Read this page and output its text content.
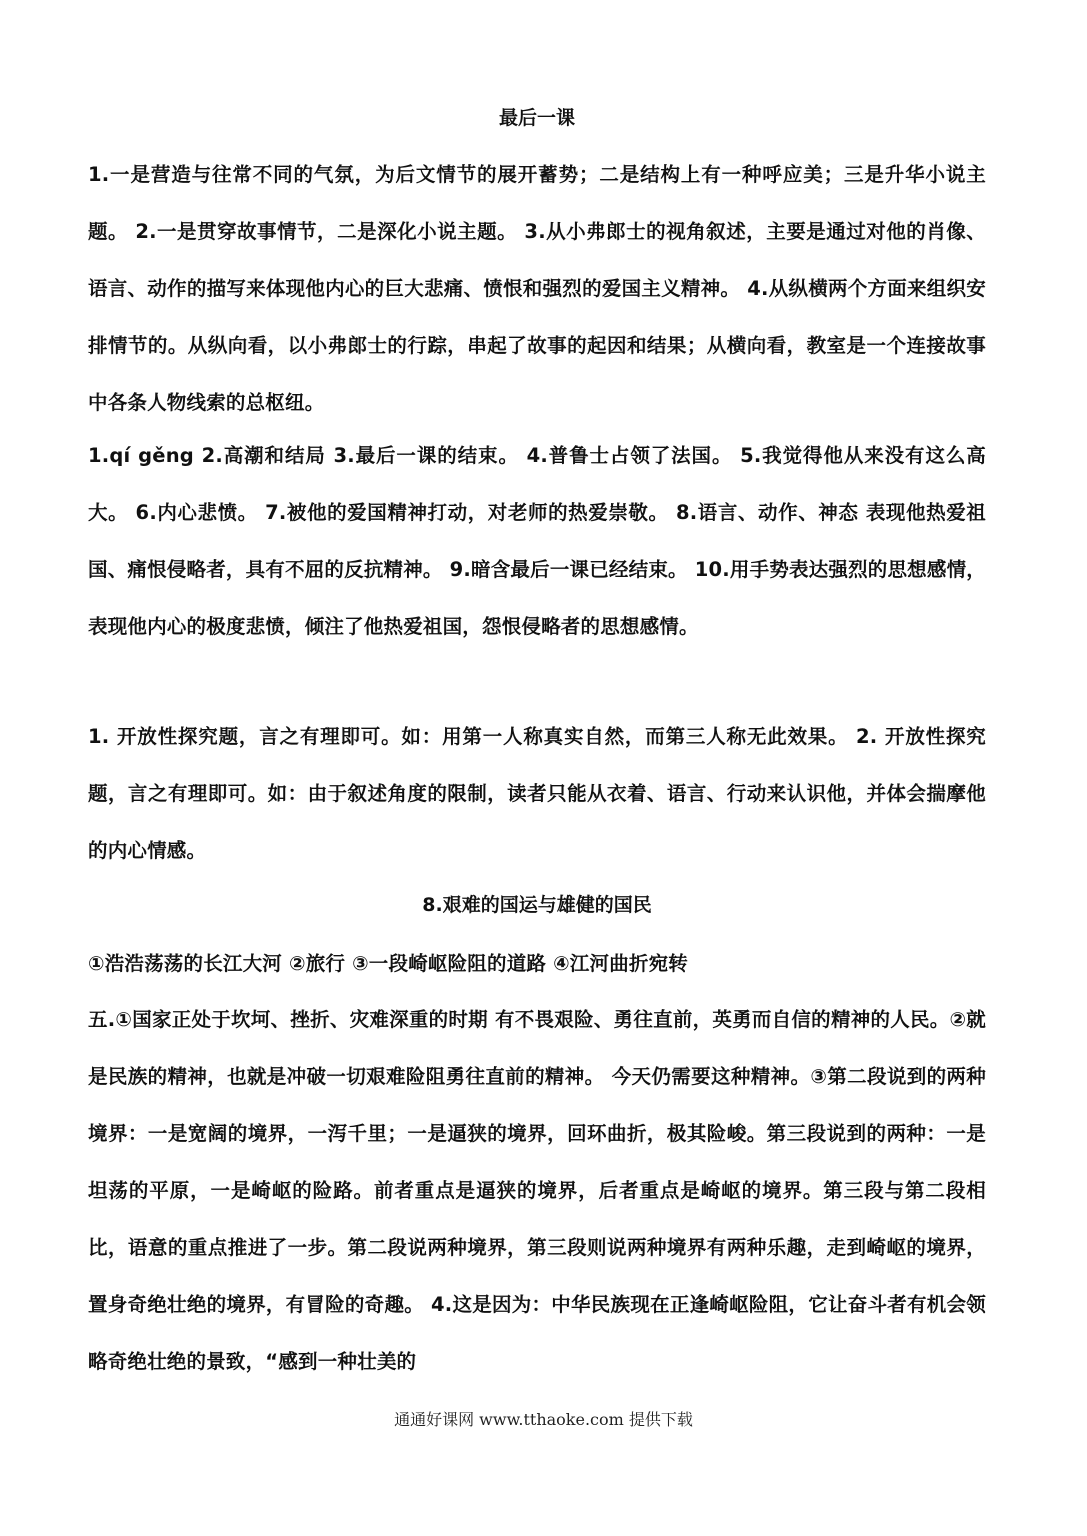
最后一课

1.一是营造与往常不同的气氛，为后文情节的展开蓄势；二是结构上有一种呼应美；三是升华小说主题。 2.一是贯穿故事情节，二是深化小说主题。 3.从小弗郎士的视角叙述，主要是通过对他的肖像、语言、动作的描写来体现他内心的巨大悲痛、愤恨和强烈的爱国主义精神。 4.从纵横两个方面来组织安排情节的。从纵向看，以小弗郎士的行踪，串起了故事的起因和结果；从横向看，教室是一个连接故事中各条人物线索的总枢纽。

1.qí gěng 2.高潮和结局 3.最后一课的结束。 4.普鲁士占领了法国。 5.我觉得他从来没有这么高大。 6.内心悲愤。 7.被他的爱国精神打动，对老师的热爱崇敬。 8.语言、动作、神态 表现他热爱祖国、痛恨侵略者，具有不屈的反抗精神。 9.暗含最后一课已经结束。 10.用手势表达强烈的思想感情，表现他内心的极度悲愤，倾注了他热爱祖国，怨恨侵略者的思想感情。

1. 开放性探究题，言之有理即可。如：用第一人称真实自然，而第三人称无此效果。 2. 开放性探究题，言之有理即可。如：由于叙述角度的限制，读者只能从衣着、语言、行动来认识他，并体会揣摩他的内心情感。

8.艰难的国运与雄健的国民

①浩浩荡荡的长江大河 ②旅行 ③一段崎岖险阻的道路 ④江河曲折宛转

五.①国家正处于坎坷、挫折、灾难深重的时期 有不畏艰险、勇往直前，英勇而自信的精神的人民。②就是民族的精神，也就是冲破一切艰难险阻勇往直前的精神。 今天仍需要这种精神。③第二段说到的两种境界：一是宽阔的境界，一泻千里；一是逼狭的境界，回环曲折，极其险峻。第三段说到的两种：一是坦荡的平原，一是崎岖的险路。前者重点是逼狭的境界，后者重点是崎岖的境界。第三段与第二段相比，语意的重点推进了一步。第二段说两种境界，第三段则说两种境界有两种乐趣，走到崎岖的境界，置身奇绝壮绝的境界，有冒险的奇趣。 4.这是因为：中华民族现在正逢崎岖险阻，它让奋斗者有机会领略奇绝壮绝的景致，“感到一种壮美的

通通好课网 www.tthaoke.com 提供下载
